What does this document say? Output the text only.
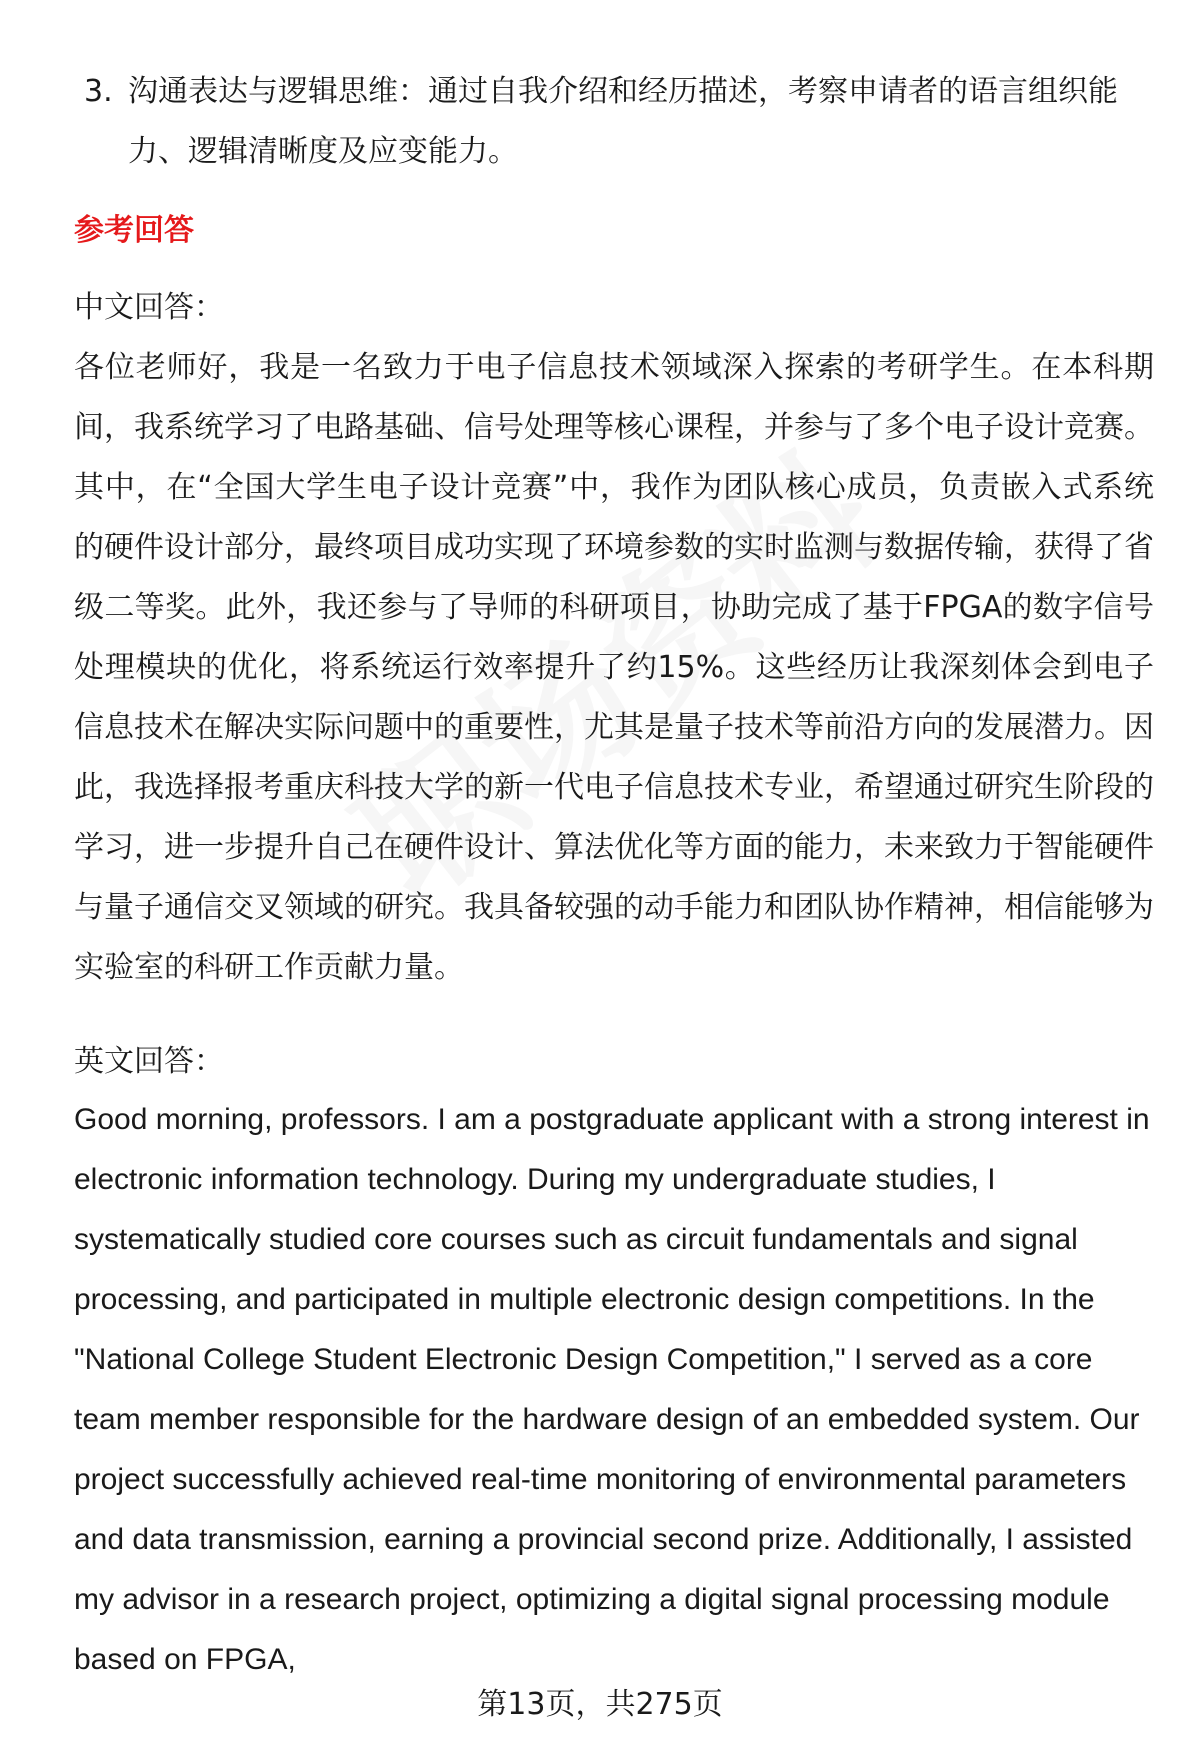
3. 沟通表达与逻辑思维：通过自我介绍和经历描述，考察申请者的语言组织能力、逻辑清晰度及应变能力。
参考回答
中文回答：
各位老师好，我是一名致力于电子信息技术领域深入探索的考研学生。在本科期间，我系统学习了电路基础、信号处理等核心课程，并参与了多个电子设计竞赛。其中，在“全国大学生电子设计竞赛”中，我作为团队核心成员，负责嵌入式系统的硬件设计部分，最终项目成功实现了环境参数的实时监测与数据传输，获得了省级二等奖。此外，我还参与了导师的科研项目，协助完成了基于FPGA的数字信号处理模块的优化，将系统运行效率提升了约15%。这些经历让我深刻体会到电子信息技术在解决实际问题中的重要性，尤其是量子技术等前沿方向的发展潜力。因此，我选择报考重庆科技大学的新一代电子信息技术专业，希望通过研究生阶段的学习，进一步提升自己在硬件设计、算法优化等方面的能力，未来致力于智能硬件与量子通信交叉领域的研究。我具备较强的动手能力和团队协作精神，相信能够为实验室的科研工作贡献力量。
英文回答：
Good morning, professors. I am a postgraduate applicant with a strong interest in electronic information technology. During my undergraduate studies, I systematically studied core courses such as circuit fundamentals and signal processing, and participated in multiple electronic design competitions. In the "National College Student Electronic Design Competition," I served as a core team member responsible for the hardware design of an embedded system. Our project successfully achieved real-time monitoring of environmental parameters and data transmission, earning a provincial second prize. Additionally, I assisted my advisor in a research project, optimizing a digital signal processing module based on FPGA,
第13页，共275页
